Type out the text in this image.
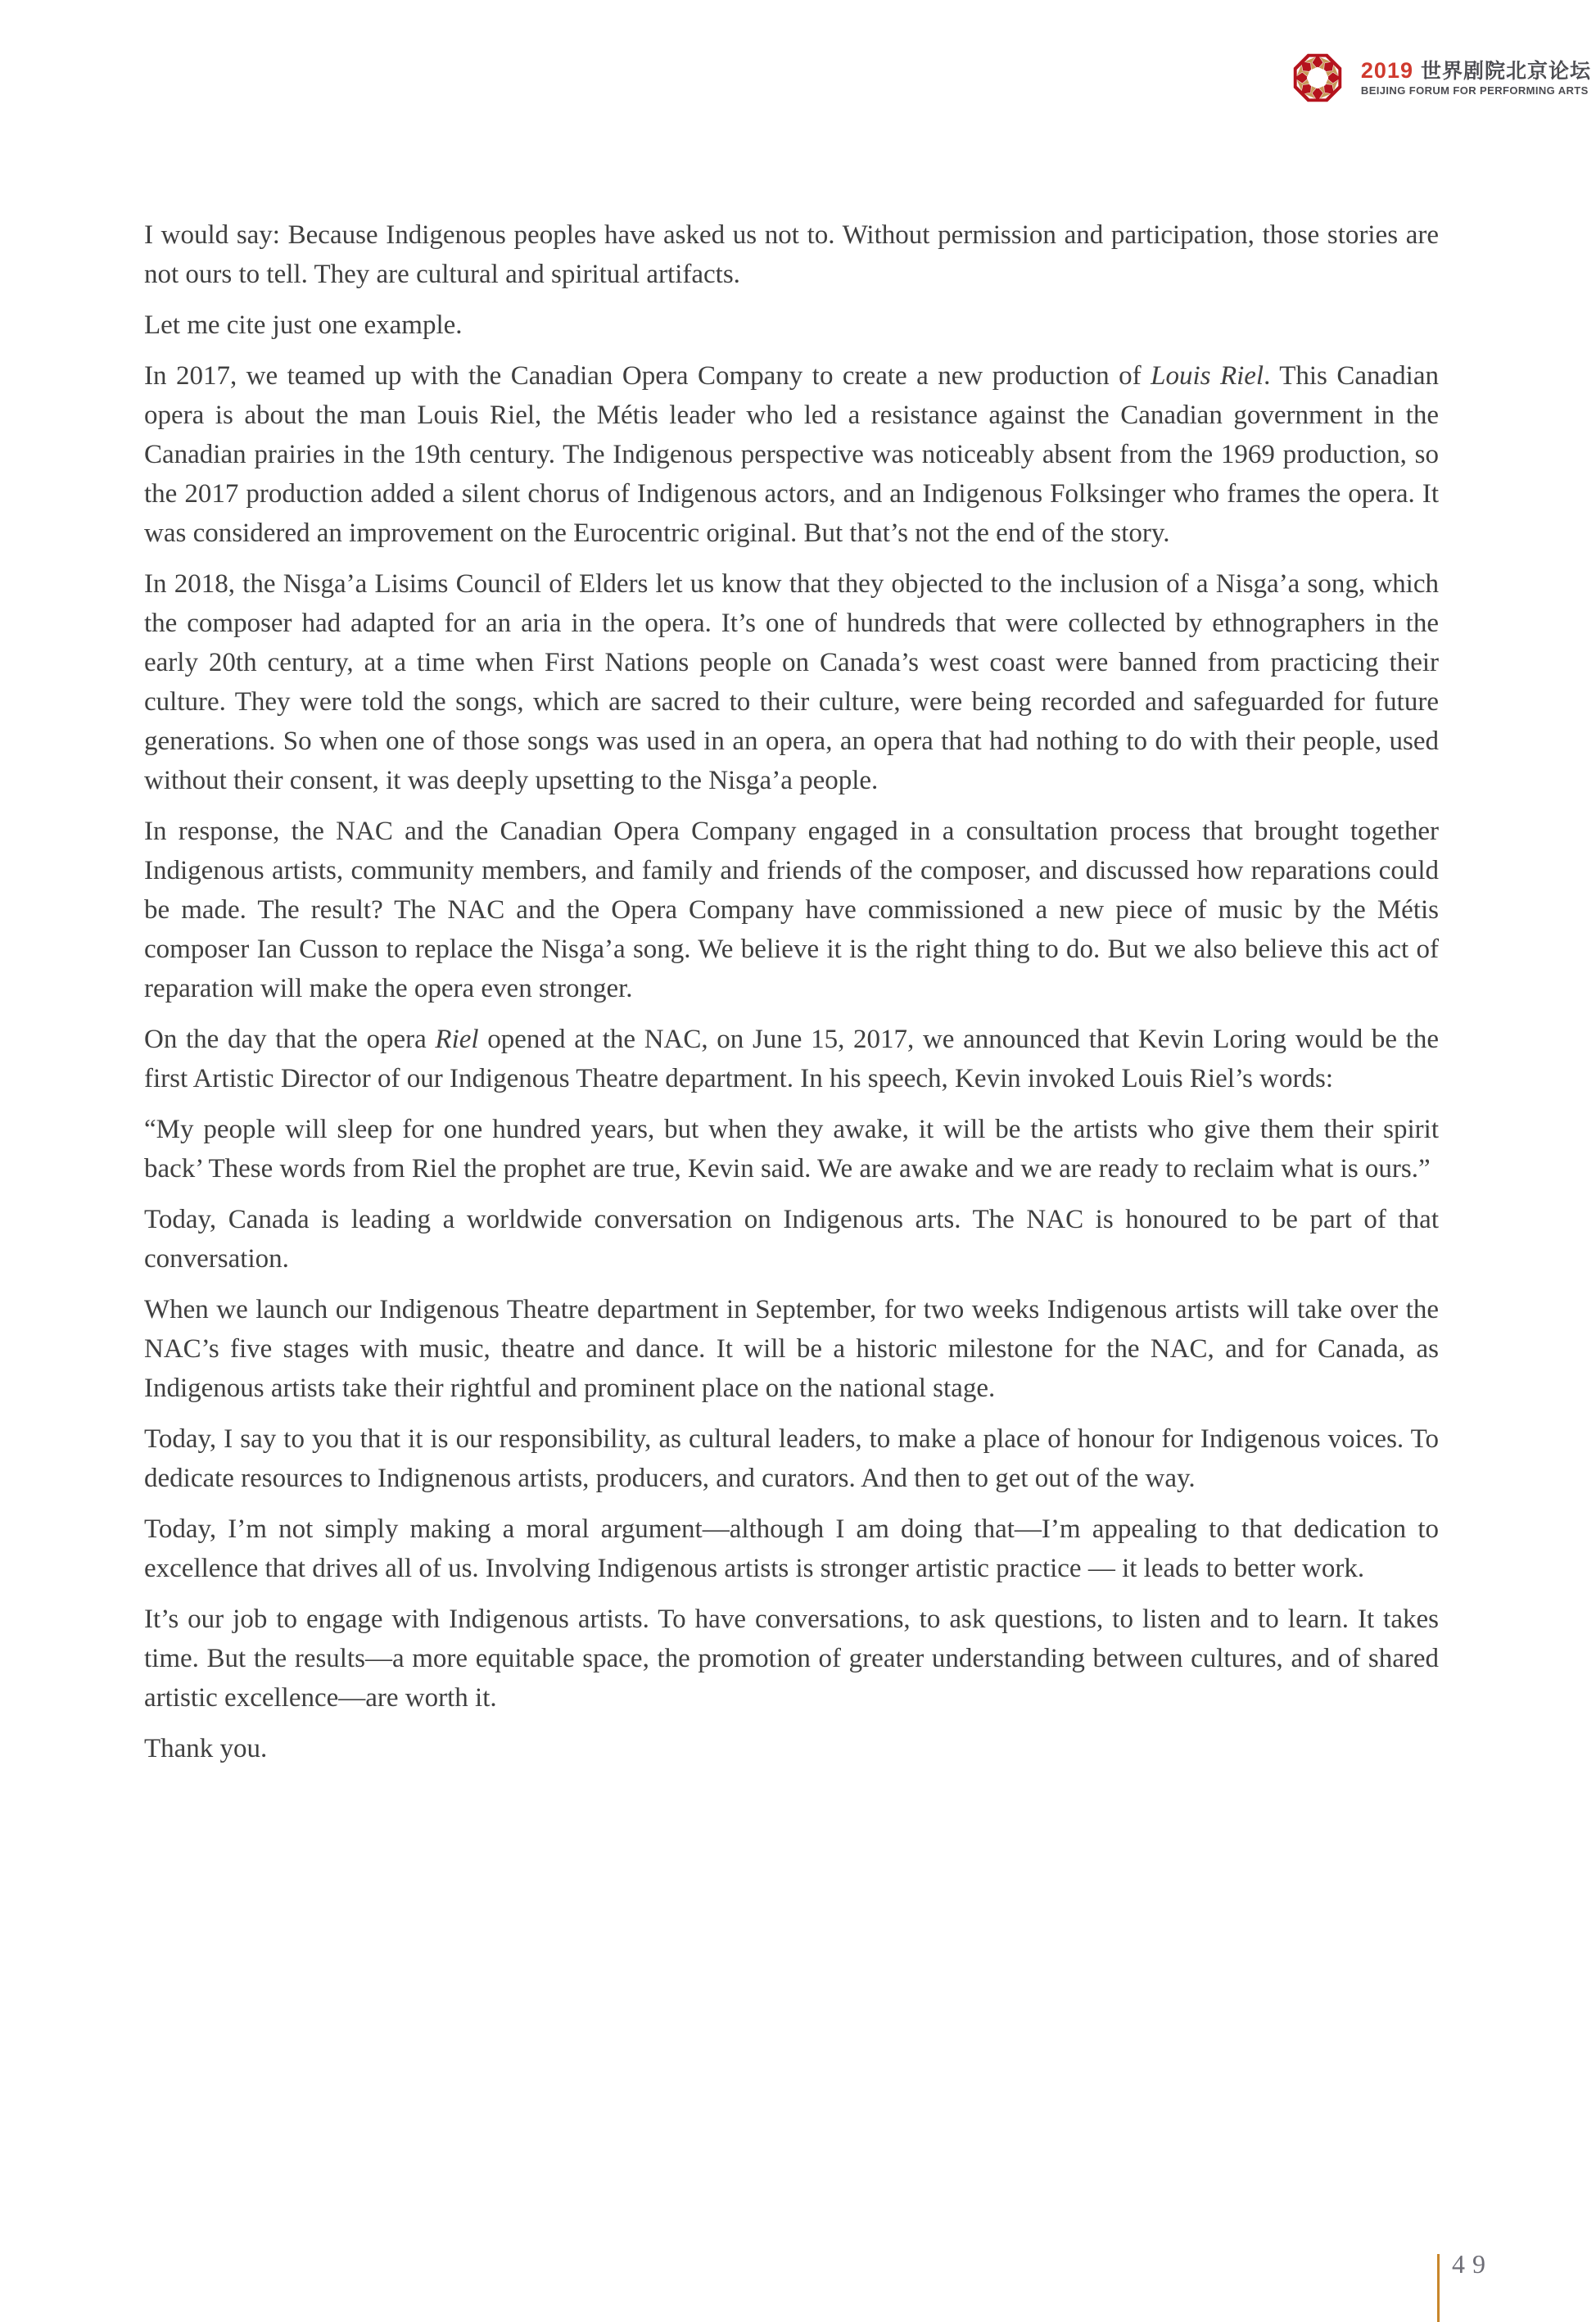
2019 世界剧院北京论坛
BEIJING FORUM FOR PERFORMING ARTS

I would say: Because Indigenous peoples have asked us not to. Without permission and participation, those stories are not ours to tell. They are cultural and spiritual artifacts.

Let me cite just one example.

In 2017, we teamed up with the Canadian Opera Company to create a new production of Louis Riel. This Canadian opera is about the man Louis Riel, the Métis leader who led a resistance against the Canadian government in the Canadian prairies in the 19th century. The Indigenous perspective was noticeably absent from the 1969 production, so the 2017 production added a silent chorus of Indigenous actors, and an Indigenous Folksinger who frames the opera. It was considered an improvement on the Eurocentric original. But that’s not the end of the story.

In 2018, the Nisga’a Lisims Council of Elders let us know that they objected to the inclusion of a Nisga’a song, which the composer had adapted for an aria in the opera. It’s one of hundreds that were collected by ethnographers in the early 20th century, at a time when First Nations people on Canada’s west coast were banned from practicing their culture. They were told the songs, which are sacred to their culture, were being recorded and safeguarded for future generations. So when one of those songs was used in an opera, an opera that had nothing to do with their people, used without their consent, it was deeply upsetting to the Nisga’a people.

In response, the NAC and the Canadian Opera Company engaged in a consultation process that brought together Indigenous artists, community members, and family and friends of the composer, and discussed how reparations could be made. The result? The NAC and the Opera Company have commissioned a new piece of music by the Métis composer Ian Cusson to replace the Nisga’a song. We believe it is the right thing to do. But we also believe this act of reparation will make the opera even stronger.

On the day that the opera Riel opened at the NAC, on June 15, 2017, we announced that Kevin Loring would be the first Artistic Director of our Indigenous Theatre department. In his speech, Kevin invoked Louis Riel’s words:

“My people will sleep for one hundred years, but when they awake, it will be the artists who give them their spirit back’ These words from Riel the prophet are true, Kevin said. We are awake and we are ready to reclaim what is ours.”

Today, Canada is leading a worldwide conversation on Indigenous arts. The NAC is honoured to be part of that conversation.

When we launch our Indigenous Theatre department in September, for two weeks Indigenous artists will take over the NAC’s five stages with music, theatre and dance. It will be a historic milestone for the NAC, and for Canada, as Indigenous artists take their rightful and prominent place on the national stage.

Today, I say to you that it is our responsibility, as cultural leaders, to make a place of honour for Indigenous voices. To dedicate resources to Indignenous artists, producers, and curators. And then to get out of the way.

Today, I’m not simply making a moral argument—although I am doing that—I’m appealing to that dedication to excellence that drives all of us. Involving Indigenous artists is stronger artistic practice — it leads to better work.

It’s our job to engage with Indigenous artists. To have conversations, to ask questions, to listen and to learn. It takes time. But the results—a more equitable space, the promotion of greater understanding between cultures, and of shared artistic excellence—are worth it.

Thank you.

49
